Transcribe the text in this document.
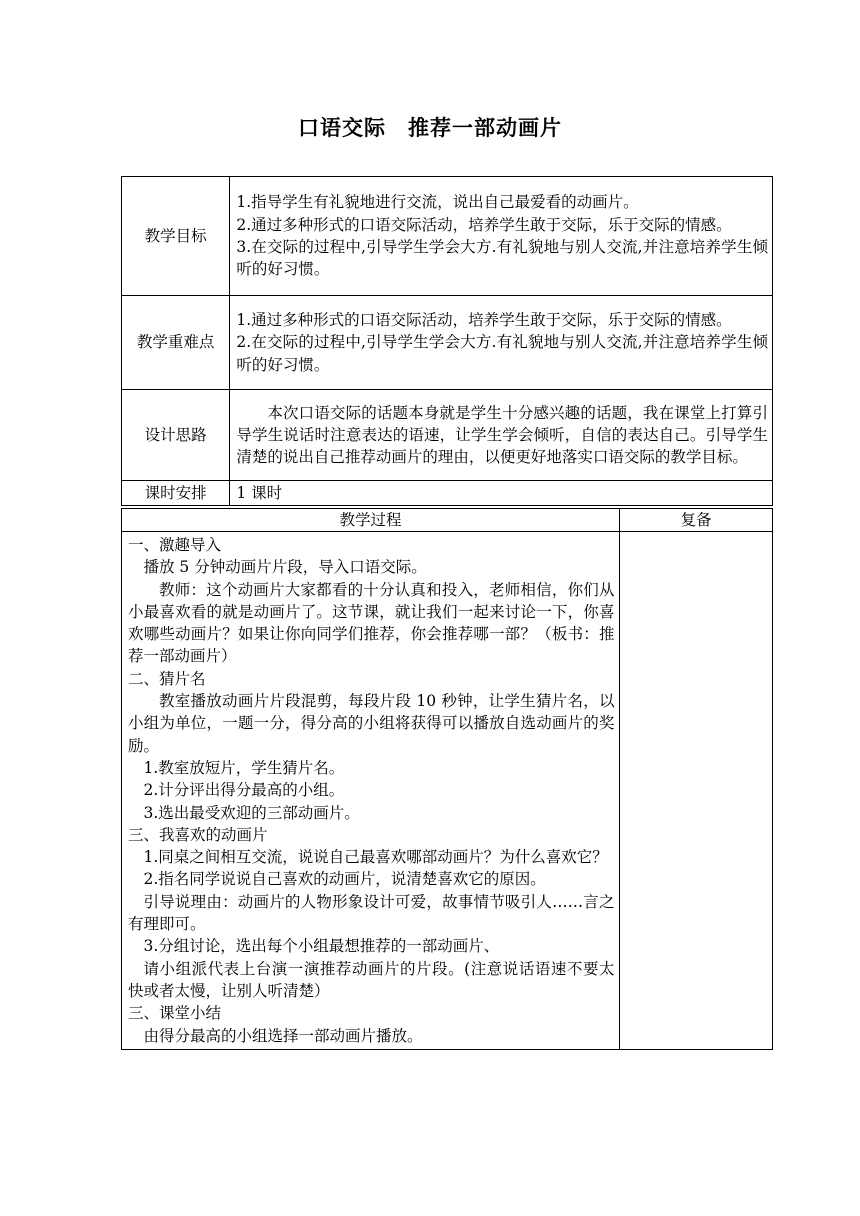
口语交际　推荐一部动画片
教学目标	1.指导学生有礼貌地进行交流，说出自己最爱看的动画片。

2.通过多种形式的口语交际活动，培养学生敢于交际，乐于交际的情感。

3.在交际的过程中,引导学生学会大方.有礼貌地与别人交流,并注意培养学生倾听的好习惯。

教学重难点	1.通过多种形式的口语交际活动，培养学生敢于交际，乐于交际的情感。

2.在交际的过程中,引导学生学会大方.有礼貌地与别人交流,并注意培养学生倾听的好习惯。

设计思路	本次口语交际的话题本身就是学生十分感兴趣的话题，我在课堂上打算引导学生说话时注意表达的语速，让学生学会倾听，自信的表达自己。引导学生清楚的说出自己推荐动画片的理由，以便更好地落实口语交际的教学目标。

课时安排	1 课时
教学过程	复备

一、激趣导入

播放 5 分钟动画片片段，导入口语交际。

教师：这个动画片大家都看的十分认真和投入，老师相信，你们从小最喜欢看的就是动画片了。这节课，就让我们一起来讨论一下，你喜欢哪些动画片？如果让你向同学们推荐，你会推荐哪一部？（板书：推荐一部动画片）

二、猜片名

教室播放动画片片段混剪，每段片段 10 秒钟，让学生猜片名，以小组为单位，一题一分，得分高的小组将获得可以播放自选动画片的奖励。

1.教室放短片，学生猜片名。

2.计分评出得分最高的小组。

3.选出最受欢迎的三部动画片。

三、我喜欢的动画片

1.同桌之间相互交流，说说自己最喜欢哪部动画片？为什么喜欢它？

2.指名同学说说自己喜欢的动画片，说清楚喜欢它的原因。

引导说理由：动画片的人物形象设计可爱，故事情节吸引人……言之有理即可。

3.分组讨论，选出每个小组最想推荐的一部动画片、

请小组派代表上台演一演推荐动画片的片段。(注意说话语速不要太快或者太慢，让别人听清楚）

三、课堂小结

由得分最高的小组选择一部动画片播放。
